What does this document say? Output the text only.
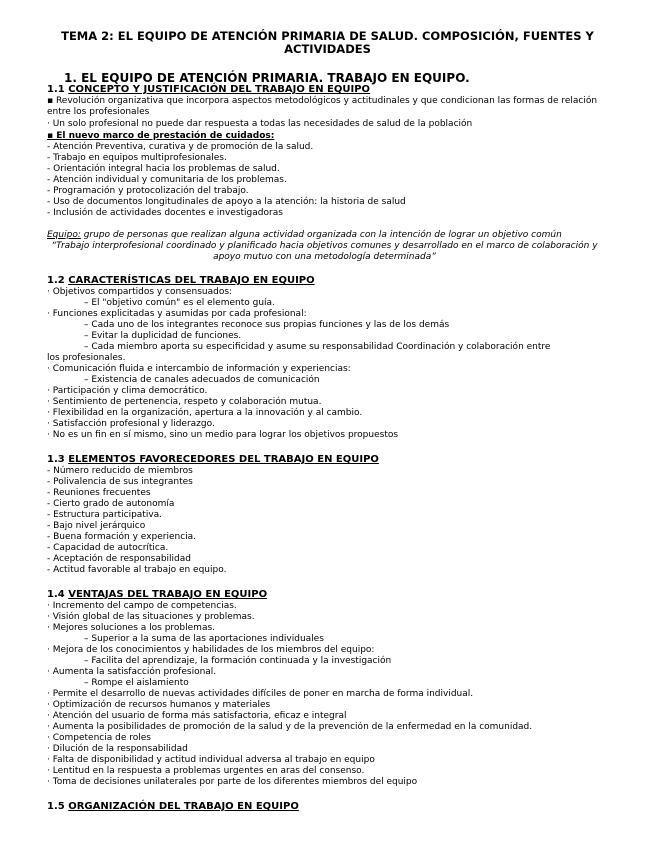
TEMA 2: EL EQUIPO DE ATENCIÓN PRIMARIA DE SALUD. COMPOSICIÓN, FUENTES Y ACTIVIDADES
1. EL EQUIPO DE ATENCIÓN PRIMARIA. TRABAJO EN EQUIPO.
1.1 CONCEPTO Y JUSTIFICACIÓN DEL TRABAJO EN EQUIPO
▪ Revolución organizativa que incorpora aspectos metodológicos y actitudinales y que condicionan las formas de relación entre los profesionales
· Un solo profesional no puede dar respuesta a todas las necesidades de salud de la población
▪ El nuevo marco de prestación de cuidados:
- Atención Preventiva, curativa y de promoción de la salud.
- Trabajo en equipos multiprofesionales.
- Orientación integral hacia los problemas de salud.
- Atención individual y comunitaria de los problemas.
- Programación y protocolización del trabajo.
- Uso de documentos longitudinales de apoyo a la atención: la historia de salud
- Inclusión de actividades docentes e investigadoras
Equipo: grupo de personas que realizan alguna actividad organizada con la intención de lograr un objetivo común
“Trabajo interprofesional coordinado y planificado hacia objetivos comunes y desarrollado en el marco de colaboración y apoyo mutuo con una metodología determinada”
1.2 CARACTERÍSTICAS DEL TRABAJO EN EQUIPO
· Objetivos compartidos y consensuados:
– El "objetivo común" es el elemento guía.
· Funciones explicitadas y asumidas por cada profesional:
– Cada uno de los integrantes reconoce sus propias funciones y las de los demás
– Evitar la duplicidad de funciones.
– Cada miembro aporta su especificidad y asume su responsabilidad Coordinación y colaboración entre
los profesionales.
· Comunicación fluida e intercambio de información y experiencias:
– Existencia de canales adecuados de comunicación
· Participación y clima democrático.
· Sentimiento de pertenencia, respeto y colaboración mutua.
· Flexibilidad en la organización, apertura a la innovación y al cambio.
· Satisfacción profesional y liderazgo.
· No es un fin en sí mismo, sino un medio para lograr los objetivos propuestos
1.3 ELEMENTOS FAVORECEDORES DEL TRABAJO EN EQUIPO
- Número reducido de miembros
- Polivalencia de sus integrantes
- Reuniones frecuentes
- Cierto grado de autonomía
- Estructura participativa.
- Bajo nivel jerárquico
- Buena formación y experiencia.
- Capacidad de autocrítica.
- Aceptación de responsabilidad
- Actitud favorable al trabajo en equipo.
1.4 VENTAJAS DEL TRABAJO EN EQUIPO
· Incremento del campo de competencias.
· Visión global de las situaciones y problemas.
· Mejores soluciones a los problemas.
– Superior a la suma de las aportaciones individuales
· Mejora de los conocimientos y habilidades de los miembros del equipo:
– Facilita del aprendizaje, la formación continuada y la investigación
· Aumenta la satisfacción profesional.
– Rompe el aislamiento
· Permite el desarrollo de nuevas actividades difíciles de poner en marcha de forma individual.
· Optimización de recursos humanos y materiales
· Atención del usuario de forma más satisfactoria, eficaz e integral
· Aumenta la posibilidades de promoción de la salud y de la prevención de la enfermedad en la comunidad.
· Competencia de roles
· Dilución de la responsabilidad
· Falta de disponibilidad y actitud individual adversa al trabajo en equipo
· Lentitud en la respuesta a problemas urgentes en aras del consenso.
· Toma de decisiones unilaterales por parte de los diferentes miembros del equipo
1.5 ORGANIZACIÓN DEL TRABAJO EN EQUIPO
